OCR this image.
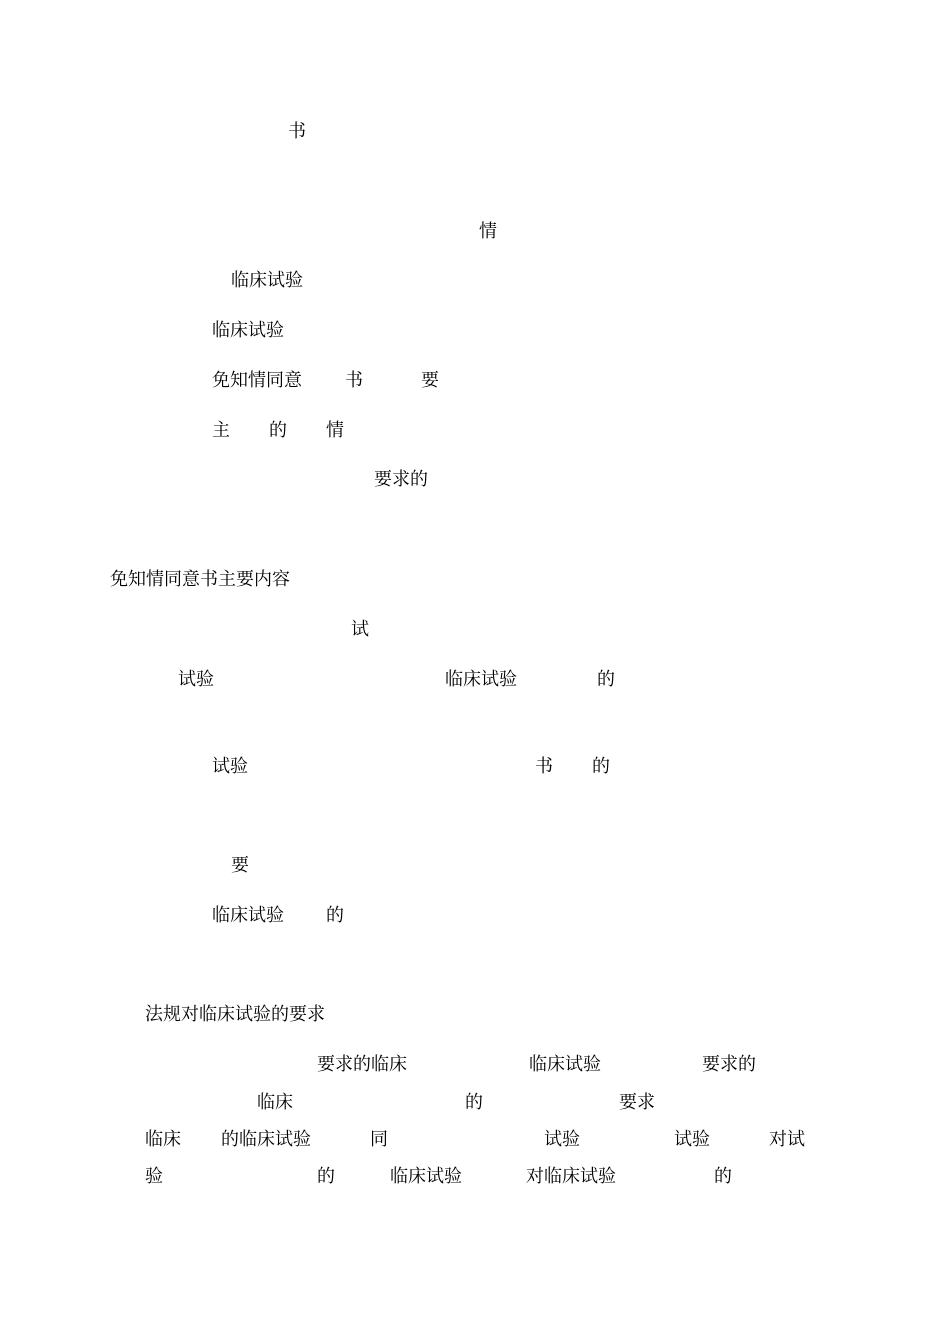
书
情
临床试验
临床试验
免知情同意 书	要
主 的 情
要求的
免知情同意书主要内容
试
试验	临床试验	的
试验	书 的
要
临床试验 的
法规对临床试验的要求
要求的临床	临床试验	要求的
临床	的	要求
临床 的临床试验	同	试验	试验	对试
验	的	临床试验	对临床试验	的
